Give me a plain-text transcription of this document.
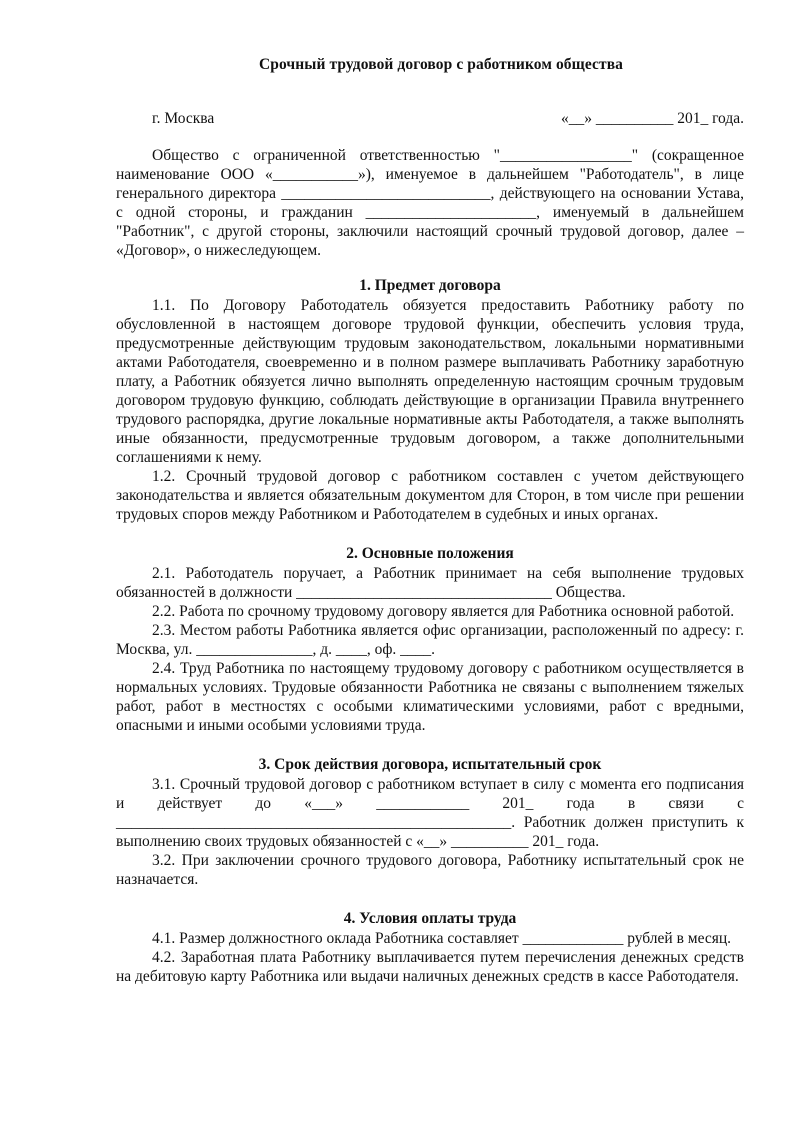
Срочный трудовой договор с работником общества
г. Москва	«__» __________ 201_ года.

Общество с ограниченной ответственностью "_________________" (сокращенное наименование ООО «___________»), именуемое в дальнейшем "Работодатель", в лице генерального директора ___________________________, действующего на основании Устава, с одной стороны, и гражданин ______________________, именуемый в дальнейшем "Работник", с другой стороны, заключили настоящий срочный трудовой договор, далее – «Договор», о нижеследующем.

1. Предмет договора

1.1. По Договору Работодатель обязуется предоставить Работнику работу по обусловленной в настоящем договоре трудовой функции, обеспечить условия труда, предусмотренные действующим трудовым законодательством, локальными нормативными актами Работодателя, своевременно и в полном размере выплачивать Работнику заработную плату, а Работник обязуется лично выполнять определенную настоящим срочным трудовым договором трудовую функцию, соблюдать действующие в организации Правила внутреннего трудового распорядка, другие локальные нормативные акты Работодателя, а также выполнять иные обязанности, предусмотренные трудовым договором, а также дополнительными соглашениями к нему.

1.2. Срочный трудовой договор с работником составлен с учетом действующего законодательства и является обязательным документом для Сторон, в том числе при решении трудовых споров между Работником и Работодателем в судебных и иных органах.

2. Основные положения

2.1. Работодатель поручает, а Работник принимает на себя выполнение трудовых обязанностей в должности _________________________________ Общества.

2.2. Работа по срочному трудовому договору является для Работника основной работой.

2.3. Местом работы Работника является офис организации, расположенный по адресу: г. Москва, ул. _______________, д. ____, оф. ____.

2.4. Труд Работника по настоящему трудовому договору с работником осуществляется в нормальных условиях. Трудовые обязанности Работника не связаны с выполнением тяжелых работ, работ в местностях с особыми климатическими условиями, работ с вредными, опасными и иными особыми условиями труда.

3. Срок действия договора, испытательный срок

3.1. Срочный трудовой договор с работником вступает в силу с момента его подписания и действует до «___» ____________ 201_ года в связи с ___________________________________________________. Работник должен приступить к выполнению своих трудовых обязанностей с «__» __________ 201_ года.

3.2. При заключении срочного трудового договора, Работнику испытательный срок не назначается.

4. Условия оплаты труда

4.1. Размер должностного оклада Работника составляет _____________ рублей в месяц.

4.2. Заработная плата Работнику выплачивается путем перечисления денежных средств на дебитовую карту Работника или выдачи наличных денежных средств в кассе Работодателя.
